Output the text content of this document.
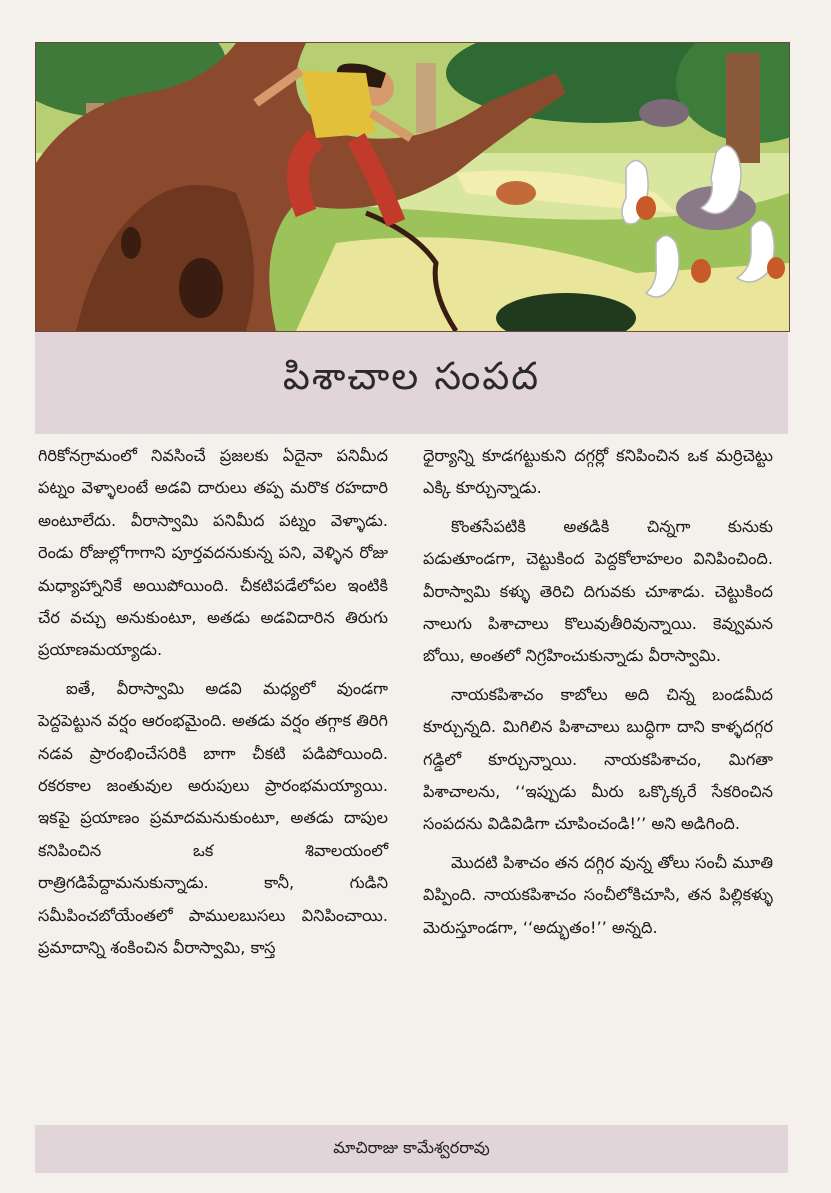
పిశాచాల సంపద

గిరికోనగ్రామంలో నివసించే ప్రజలకు ఏదైనా పనిమీద పట్నం వెళ్ళాలంటే అడవి దారులు తప్ప మరొక రహదారి అంటూలేదు. వీరాస్వామి పనిమీద పట్నం వెళ్ళాడు. రెండు రోజుల్లోగాగాని పూర్తవదనుకున్న పని, వెళ్ళిన రోజు మధ్యాహ్నానికే అయిపోయింది. చీకటిపడేలోపల ఇంటికి చేర వచ్చు అనుకుంటూ, అతడు అడవిదారిన తిరుగు ప్రయాణమయ్యాడు.

ఐతే, వీరాస్వామి అడవి మధ్యలో వుండగా పెద్దపెట్టున వర్షం ఆరంభమైంది. అతడు వర్షం తగ్గాక తిరిగి నడవ ప్రారంభించేసరికి బాగా చీకటి పడిపోయింది. రకరకాల జంతువుల అరుపులు ప్రారంభమయ్యాయి. ఇకపై ప్రయాణం ప్రమాదమనుకుంటూ, అతడు దాపుల కనిపించిన ఒక శివాలయంలో రాత్రిగడిపేద్దామనుకున్నాడు. కానీ, గుడిని సమీపించబోయేంతలో పాములబుసలు వినిపించాయి. ప్రమాదాన్ని శంకించిన వీరాస్వామి, కాస్త

ధైర్యాన్ని కూడగట్టుకుని దగ్గర్లో కనిపించిన ఒక మర్రిచెట్టు ఎక్కి కూర్చున్నాడు.

కొంతసేపటికి అతడికి చిన్నగా కునుకు పడుతూండగా, చెట్టుకింద పెద్దకోలాహలం వినిపించింది. వీరాస్వామి కళ్ళు తెరిచి దిగువకు చూశాడు. చెట్టుకింద నాలుగు పిశాచాలు కొలువుతీరివున్నాయి. కెవ్వుమన బోయి, అంతలో నిగ్రహించుకున్నాడు వీరాస్వామి.

నాయకపిశాచం కాబోలు అది చిన్న బండమీద కూర్చున్నది. మిగిలిన పిశాచాలు బుద్ధిగా దాని కాళ్ళదగ్గర గడ్డిలో కూర్చున్నాయి. నాయకపిశాచం, మిగతా పిశాచాలను, ‘‘ఇప్పుడు మీరు ఒక్కొక్కరే సేకరించిన సంపదను విడివిడిగా చూపించండి!’’ అని అడిగింది.

మొదటి పిశాచం తన దగ్గిర వున్న తోలు సంచీ మూతి విప్పింది. నాయకపిశాచం సంచీలోకిచూసి, తన పిల్లికళ్ళు మెరుస్తూండగా, ‘‘అద్భుతం!’’ అన్నది.

మాచిరాజు కామేశ్వరరావు
